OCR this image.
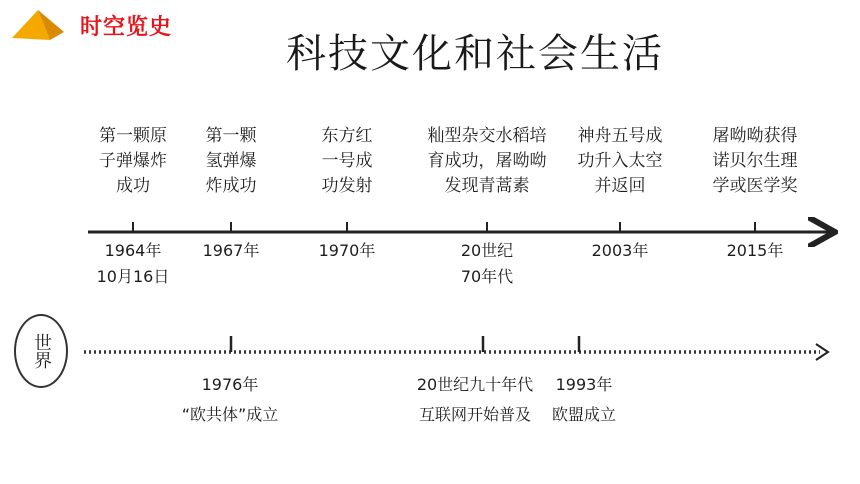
时空览史
科技文化和社会生活
第一颗原
子弹爆炸
成功
第一颗
氢弹爆
炸成功
东方红
一号成
功发射
籼型杂交水稻培
育成功，屠呦呦
发现青蒿素
神舟五号成
功升入太空
并返回
屠呦呦获得
诺贝尔生理
学或医学奖
1964年
10月16日
1967年	1970年	20世纪
70年代
2003年	2015年
世界
1976年
“欧共体”成立
20世纪九十年代
互联网开始普及
1993年
欧盟成立
